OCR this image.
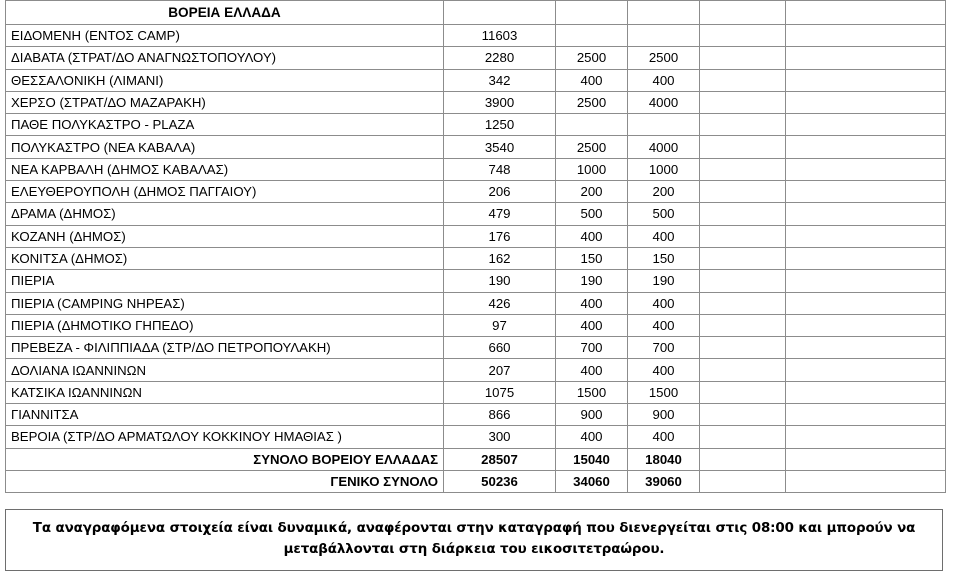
ΒΟΡΕΙΑ ΕΛΛΑΔΑ					
ΕΙΔΟΜΕΝΗ (ΕΝΤΟΣ CAMP)	11603				
ΔΙΑΒΑΤΑ (ΣΤΡΑΤ/ΔΟ ΑΝΑΓΝΩΣΤΟΠΟΥΛΟΥ)	2280	2500	2500		
ΘΕΣΣΑΛΟΝΙΚΗ (ΛΙΜΑΝΙ)	342	400	400		
ΧΕΡΣΟ (ΣΤΡΑΤ/ΔΟ ΜΑΖΑΡΑΚΗ)	3900	2500	4000		
ΠΑΘΕ ΠΟΛΥΚΑΣΤΡΟ - PLAZA	1250				
ΠΟΛΥΚΑΣΤΡΟ (ΝΕΑ ΚΑΒΑΛΑ)	3540	2500	4000		
ΝΕΑ ΚΑΡΒΑΛΗ (ΔΗΜΟΣ ΚΑΒΑΛΑΣ)	748	1000	1000		
ΕΛΕΥΘΕΡΟΥΠΟΛΗ (ΔΗΜΟΣ ΠΑΓΓΑΙΟΥ)	206	200	200		
ΔΡΑΜΑ (ΔΗΜΟΣ)	479	500	500		
ΚΟΖΑΝΗ (ΔΗΜΟΣ)	176	400	400		
ΚΟΝΙΤΣΑ (ΔΗΜΟΣ)	162	150	150		
ΠΙΕΡΙΑ	190	190	190		
ΠΙΕΡΙΑ (CAMPING ΝΗΡΕΑΣ)	426	400	400		
ΠΙΕΡΙΑ (ΔΗΜΟΤΙΚΟ ΓΗΠΕΔΟ)	97	400	400		
ΠΡΕΒΕΖΑ - ΦΙΛΙΠΠΙΑΔΑ (ΣΤΡ/ΔΟ ΠΕΤΡΟΠΟΥΛΑΚΗ)	660	700	700		
ΔΟΛΙΑΝΑ ΙΩΑΝΝΙΝΩΝ	207	400	400		
ΚΑΤΣΙΚΑ ΙΩΑΝΝΙΝΩΝ	1075	1500	1500		
ΓΙΑΝΝΙΤΣΑ	866	900	900		
ΒΕΡΟΙΑ (ΣΤΡ/ΔΟ ΑΡΜΑΤΩΛΟΥ ΚΟΚΚΙΝΟΥ ΗΜΑΘΙΑΣ )	300	400	400		
ΣΥΝΟΛΟ ΒΟΡΕΙΟΥ ΕΛΛΑΔΑΣ	28507	15040	18040		
ΓΕΝΙΚΟ ΣΥΝΟΛΟ	50236	34060	39060		

Τα αναγραφόμενα στοιχεία είναι δυναμικά, αναφέρονται στην καταγραφή που διενεργείται στις 08:00 και μπορούν να μεταβάλλονται στη διάρκεια του εικοσιτετραώρου.
